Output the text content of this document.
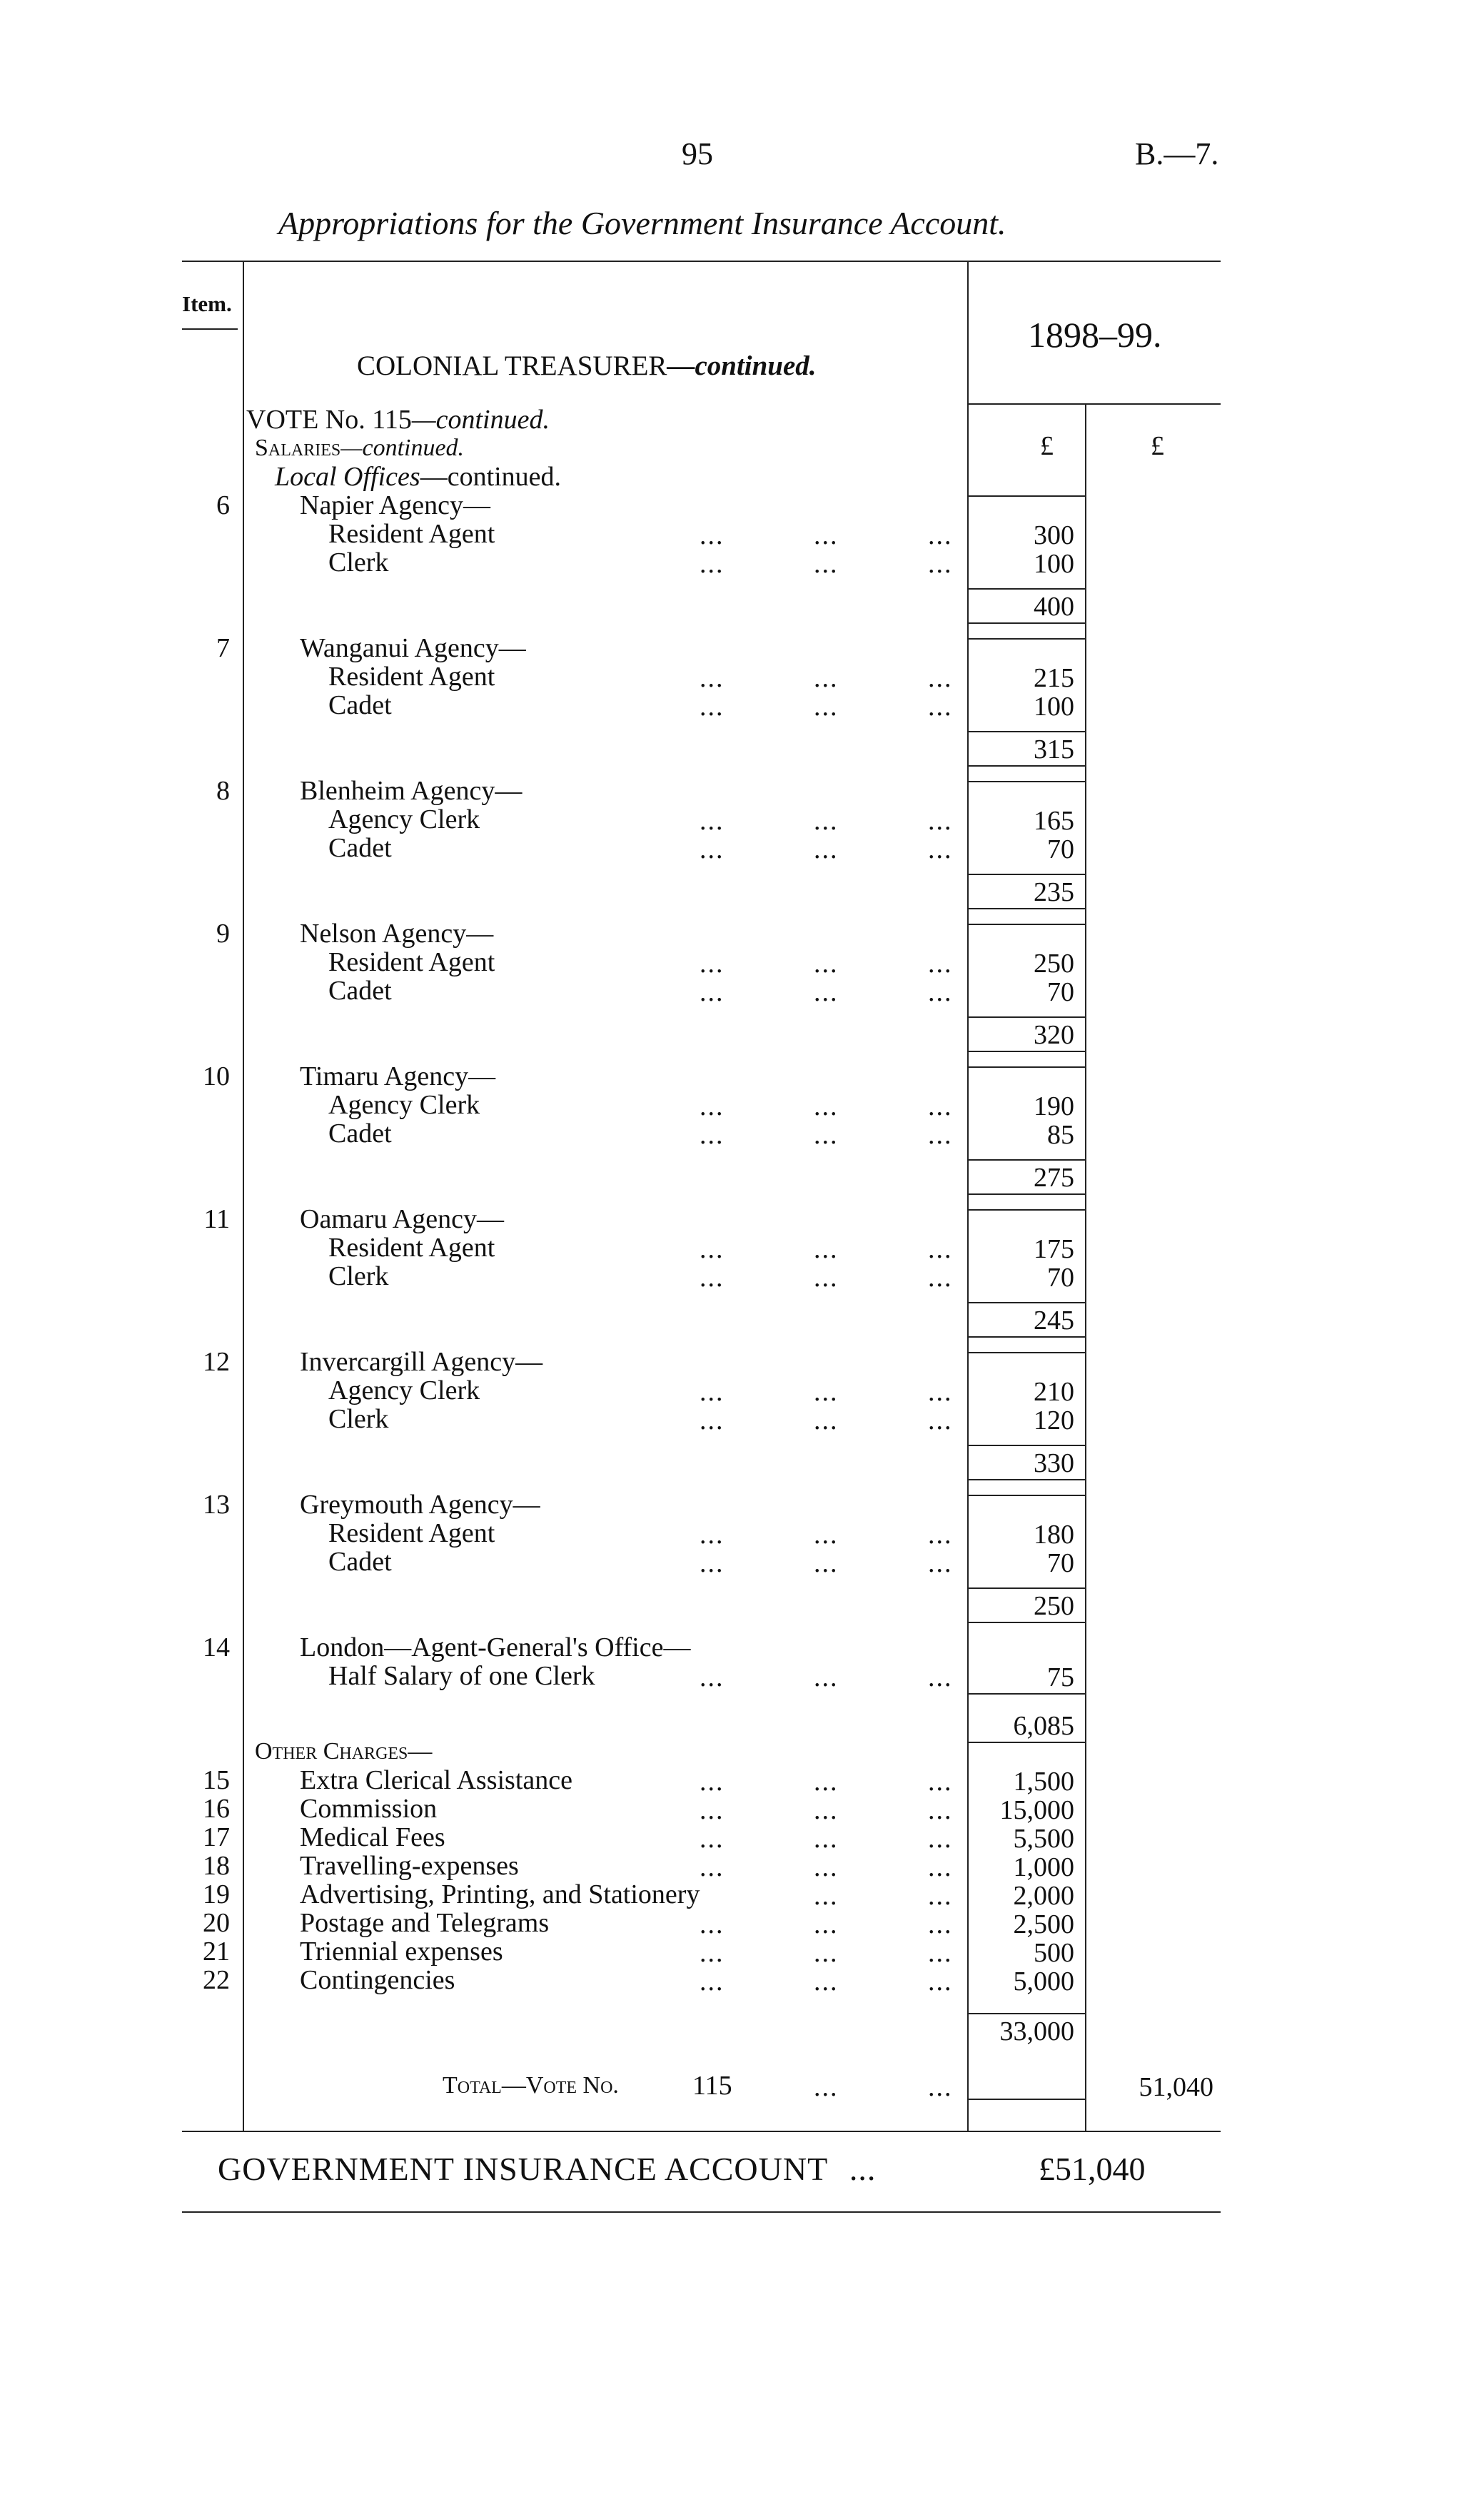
95	B.—7.
Appropriations for the Government Insurance Account.
Item.
1898–99.
£	£
COLONIAL TREASURER—continued.
VOTE No. 115—continued.
Salaries—continued.
Local Offices—continued.
6	Napier Agency—
Resident Agent	...	...	...	300
Clerk	...	...	...	100
400
7	Wanganui Agency—
Resident Agent	...	...	...	215
Cadet	...	...	...	100
315
8	Blenheim Agency—
Agency Clerk	...	...	...	165
Cadet	...	...	...	70
235
9	Nelson Agency—
Resident Agent	...	...	...	250
Cadet	...	...	...	70
320
10	Timaru Agency—
Agency Clerk	...	...	...	190
Cadet	...	...	...	85
275
11	Oamaru Agency—
Resident Agent	...	...	...	175
Clerk	...	...	...	70
245
12	Invercargill Agency—
Agency Clerk	...	...	...	210
Clerk	...	...	...	120
330
13	Greymouth Agency—
Resident Agent	...	...	...	180
Cadet	...	...	...	70
250
14	London—Agent-General's Office—
Half Salary of one Clerk	...	...	...	75
6,085
Other Charges—
15	Extra Clerical Assistance	...	...	...	1,500
16	Commission	...	...	...	15,000
17	Medical Fees	...	...	...	5,500
18	Travelling-expenses	...	...	...	1,000
19	Advertising, Printing, and Stationery	...	...	2,000
20	Postage and Telegrams	...	...	...	2,500
21	Triennial expenses	...	...	...	500
22	Contingencies	...	...	...	5,000
33,000
Total—Vote No.	115	...	...	51,040
GOVERNMENT INSURANCE ACCOUNT ...	£51,040
